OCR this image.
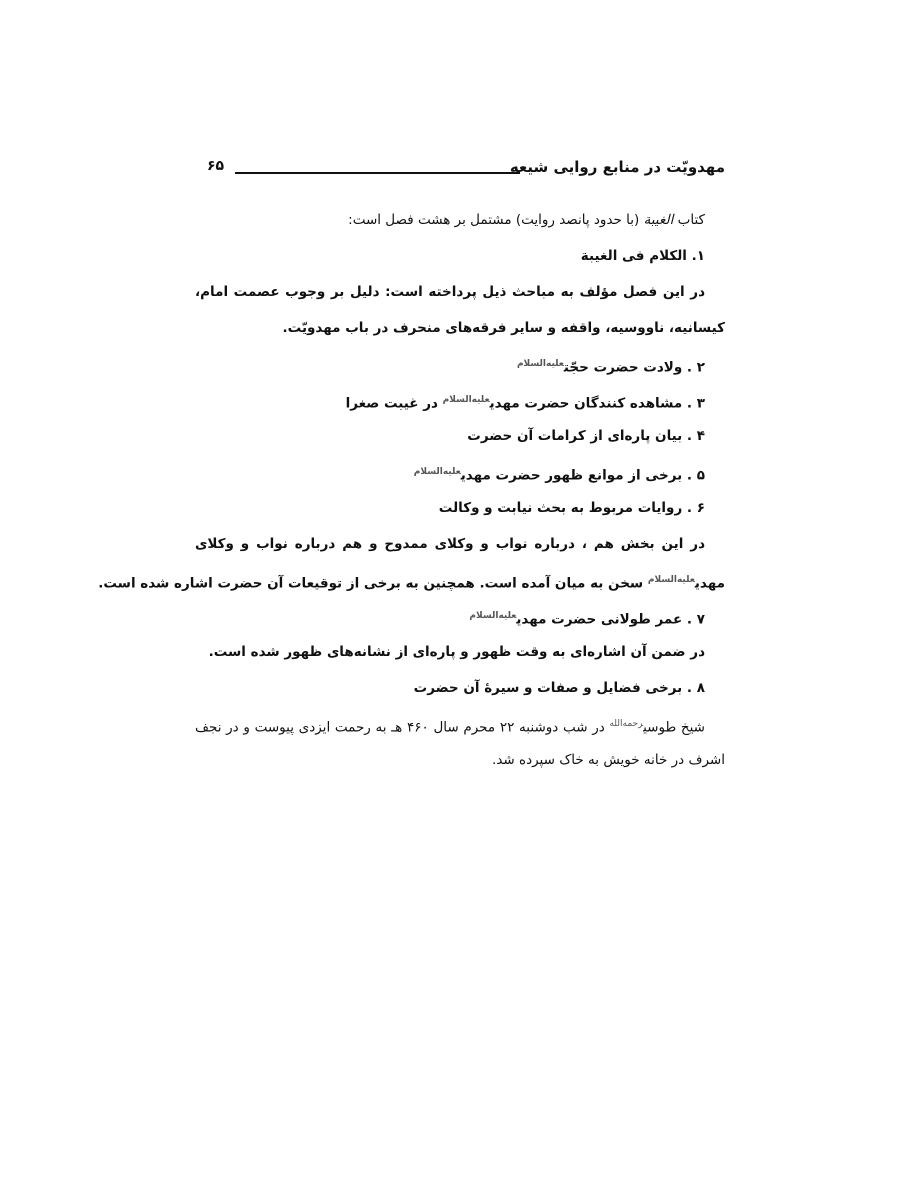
مهدویّت در منابع روایی شیعه
۶۵
کتاب الغیبة (با حدود پانصد روایت) مشتمل بر هشت فصل است:
۱. الکلام فی الغیبة
در این فصل مؤلف به مباحث ذیل پرداخته است: دلیل بر وجوب عصمت امام،
کیسانیه، ناووسیه، واقفه و سایر فرقه‌های منحرف در باب مهدویّت.
۲ . ولادت حضرت حجّت$^{علیه‌السلام}$
۳ . مشاهده کنندگان حضرت مهدی$^{علیه‌السلام}$ در غیبت صغرا
۴ . بیان پاره‌ای از کرامات آن حضرت
۵ . برخی از موانع ظهور حضرت مهدی$^{علیه‌السلام}$
۶ . روایات مربوط به بحث نیابت و وکالت
در این بخش هم ، درباره نواب و وکلای ممدوح و هم درباره نواب و وکلای
مهدی$^{علیه‌السلام}$ سخن به میان آمده است. همچنین به برخی از توقیعات آن حضرت اشاره شده است.
۷ . عمر طولانی حضرت مهدی$^{علیه‌السلام}$
در ضمن آن اشاره‌ای به وقت ظهور و پاره‌ای از نشانه‌های ظهور شده است.
۸ . برخی فضایل و صفات و سیرهٔ آن حضرت
شیخ طوسی$^{رحمه‌الله}$ در شب دوشنبه ۲۲ محرم سال ۴۶۰ هـ به رحمت ایزدی پیوست و در نجف
اشرف در خانه خویش به خاک سپرده شد.
